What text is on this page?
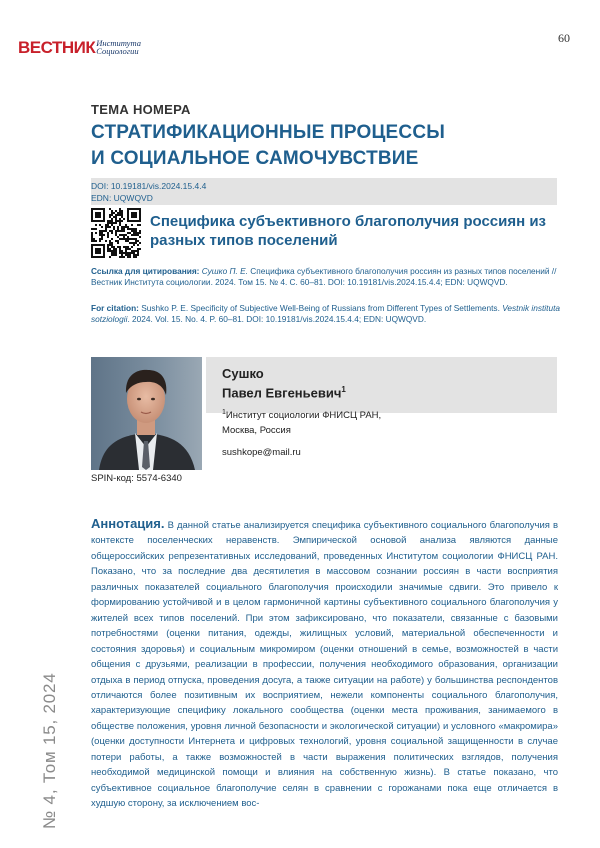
ВЕСТНИК Института
Социологии
60
ТЕМА НОМЕРА
СТРАТИФИКАЦИОННЫЕ ПРОЦЕССЫ
И СОЦИАЛЬНОЕ САМОЧУВСТВИЕ
DOI: 10.19181/vis.2024.15.4.4
EDN: UQWQVD
Специфика субъективного благополучия россиян из разных типов поселений
Ссылка для цитирования: Сушко П. Е. Специфика субъективного благополучия россиян из разных типов поселений // Вестник Института социологии. 2024. Том 15. № 4. С. 60–81. DOI: 10.19181/vis.2024.15.4.4; EDN: UQWQVD.
For citation: Sushko P. E. Specificity of Subjective Well-Being of Russians from Different Types of Settlements. Vestnik instituta sotziologii. 2024. Vol. 15. No. 4. P. 60–81. DOI: 10.19181/vis.2024.15.4.4; EDN: UQWQVD.
SPIN-код: 5574-6340
Сушко
Павел Евгеньевич$^1$
$^1$Институт социологии ФНИСЦ РАН,
Москва, Россия
sushkope@mail.ru
Аннотация. В данной статье анализируется специфика субъективного социального благополучия в контексте поселенческих неравенств. Эмпирической основой анализа являются данные общероссийских репрезентативных исследований, проведенных Институтом социологии ФНИСЦ РАН. Показано, что за последние два десятилетия в массовом сознании россиян в части восприятия различных показателей социального благополучия происходили значимые сдвиги. Это привело к формированию устойчивой и в целом гармоничной картины субъективного социального благополучия у жителей всех типов поселений. При этом зафиксировано, что показатели, связанные с базовыми потребностями (оценки питания, одежды, жилищных условий, материальной обеспеченности и состояния здоровья) и социальным микромиром (оценки отношений в семье, возможностей в части общения с друзьями, реализации в профессии, получения необходимого образования, организации отдыха в период отпуска, проведения досуга, а также ситуации на работе) у большинства респондентов отличаются более позитивным их восприятием, нежели компоненты социального благополучия, характеризующие специфику локального сообщества (оценки места проживания, занимаемого в обществе положения, уровня личной безопасности и экологической ситуации) и условного «макромира» (оценки доступности Интернета и цифровых технологий, уровня социальной защищенности в случае потери работы, а также возможностей в части выражения политических взглядов, получения необходимой медицинской помощи и влияния на собственную жизнь). В статье показано, что субъективное социальное благополучие селян в сравнении с горожанами пока еще отличается в худшую сторону, за исключением вос-
№ 4, Том 15, 2024
